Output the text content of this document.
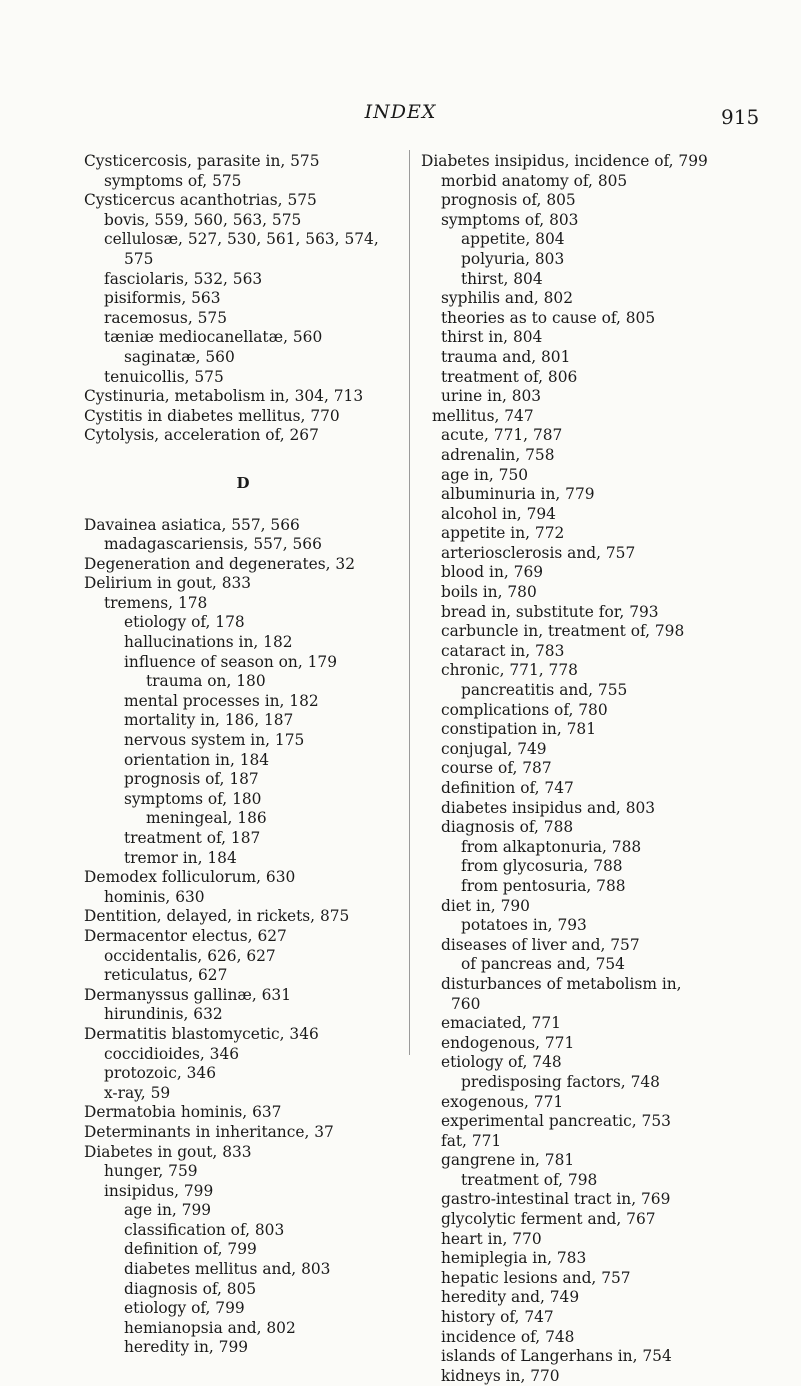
INDEX	915
Cysticercosis, parasite in, 575
symptoms of, 575
Cysticercus acanthotrias, 575
bovis, 559, 560, 563, 575
cellulosæ, 527, 530, 561, 563, 574,
575
fasciolaris, 532, 563
pisiformis, 563
racemosus, 575
tæniæ mediocanellatæ, 560
saginatæ, 560
tenuicollis, 575
Cystinuria, metabolism in, 304, 713
Cystitis in diabetes mellitus, 770
Cytolysis, acceleration of, 267
D
Davainea asiatica, 557, 566
madagascariensis, 557, 566
Degeneration and degenerates, 32
Delirium in gout, 833
tremens, 178
etiology of, 178
hallucinations in, 182
influence of season on, 179
trauma on, 180
mental processes in, 182
mortality in, 186, 187
nervous system in, 175
orientation in, 184
prognosis of, 187
symptoms of, 180
meningeal, 186
treatment of, 187
tremor in, 184
Demodex folliculorum, 630
hominis, 630
Dentition, delayed, in rickets, 875
Dermacentor electus, 627
occidentalis, 626, 627
reticulatus, 627
Dermanyssus gallinæ, 631
hirundinis, 632
Dermatitis blastomycetic, 346
coccidioides, 346
protozoic, 346
x-ray, 59
Dermatobia hominis, 637
Determinants in inheritance, 37
Diabetes in gout, 833
hunger, 759
insipidus, 799
age in, 799
classification of, 803
definition of, 799
diabetes mellitus and, 803
diagnosis of, 805
etiology of, 799
hemianopsia and, 802
heredity in, 799
Diabetes insipidus, incidence of, 799
morbid anatomy of, 805
prognosis of, 805
symptoms of, 803
appetite, 804
polyuria, 803
thirst, 804
syphilis and, 802
theories as to cause of, 805
thirst in, 804
trauma and, 801
treatment of, 806
urine in, 803
mellitus, 747
acute, 771, 787
adrenalin, 758
age in, 750
albuminuria in, 779
alcohol in, 794
appetite in, 772
arteriosclerosis and, 757
blood in, 769
boils in, 780
bread in, substitute for, 793
carbuncle in, treatment of, 798
cataract in, 783
chronic, 771, 778
pancreatitis and, 755
complications of, 780
constipation in, 781
conjugal, 749
course of, 787
definition of, 747
diabetes insipidus and, 803
diagnosis of, 788
from alkaptonuria, 788
from glycosuria, 788
from pentosuria, 788
diet in, 790
potatoes in, 793
diseases of liver and, 757
of pancreas and, 754
disturbances of metabolism in,
760
emaciated, 771
endogenous, 771
etiology of, 748
predisposing factors, 748
exogenous, 771
experimental pancreatic, 753
fat, 771
gangrene in, 781
treatment of, 798
gastro-intestinal tract in, 769
glycolytic ferment and, 767
heart in, 770
hemiplegia in, 783
hepatic lesions and, 757
heredity and, 749
history of, 747
incidence of, 748
islands of Langerhans in, 754
kidneys in, 770
